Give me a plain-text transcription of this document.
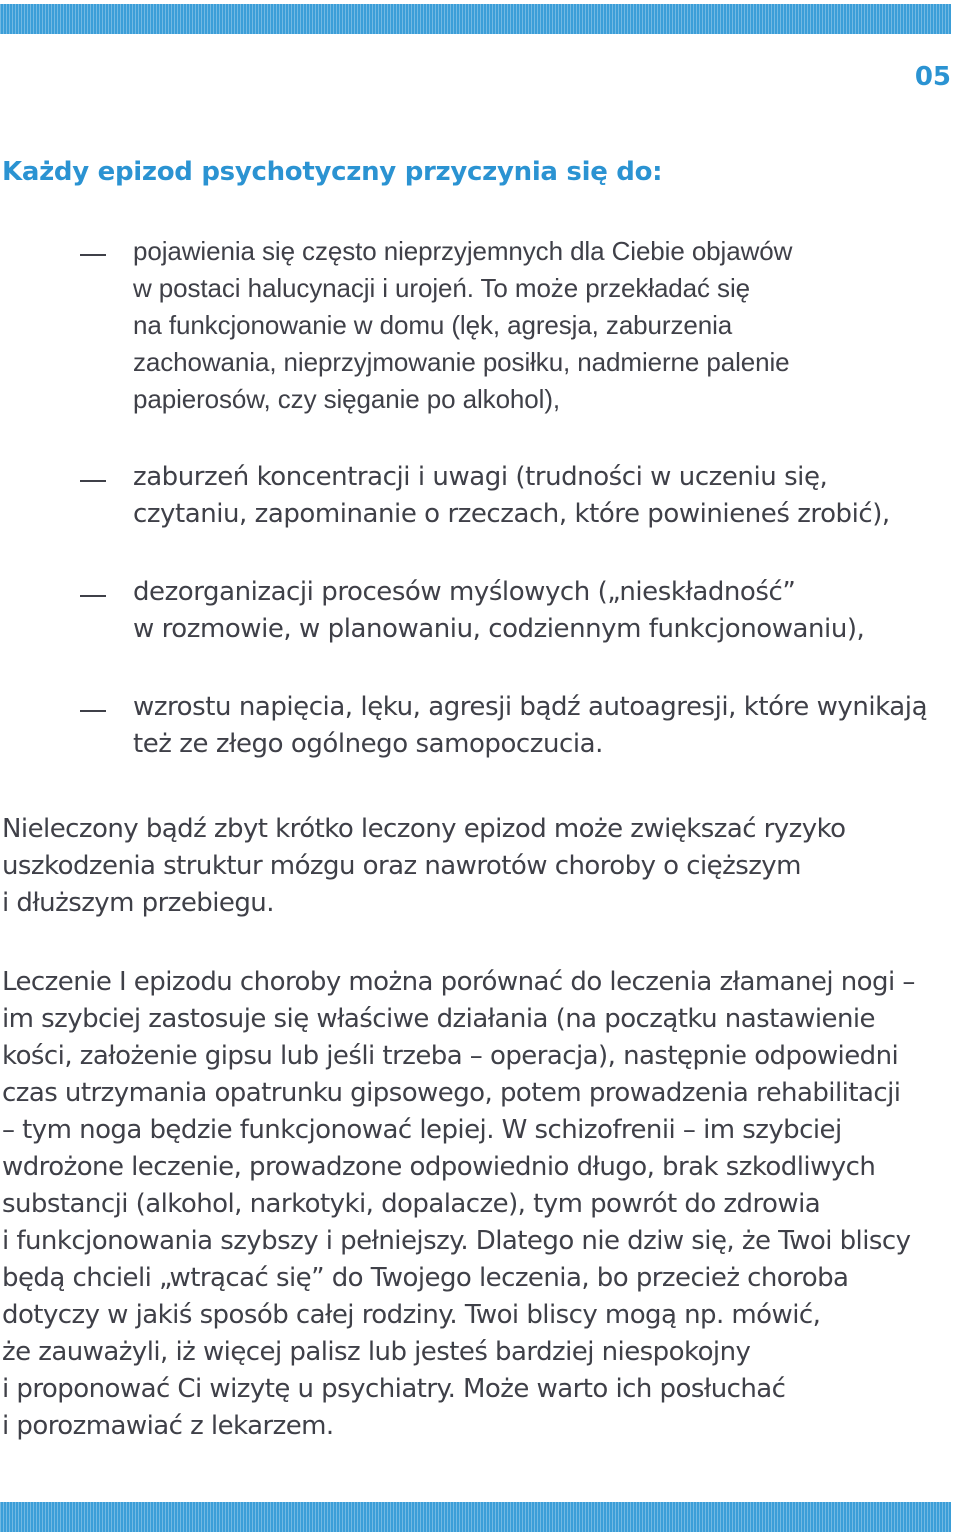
05
Każdy epizod psychotyczny przyczynia się do:
pojawienia się często nieprzyjemnych dla Ciebie objawów
w postaci halucynacji i urojeń. To może przekładać się
na funkcjonowanie w domu (lęk, agresja, zaburzenia
zachowania, nieprzyjmowanie posiłku, nadmierne palenie
papierosów, czy sięganie po alkohol),
zaburzeń koncentracji i uwagi (trudności w uczeniu się,
czytaniu, zapominanie o rzeczach, które powinieneś zrobić),
dezorganizacji procesów myślowych („nieskładność”
w rozmowie, w planowaniu, codziennym funkcjonowaniu),
wzrostu napięcia, lęku, agresji bądź autoagresji, które wynikają
też ze złego ogólnego samopoczucia.

Nieleczony bądź zbyt krótko leczony epizod może zwiększać ryzyko
uszkodzenia struktur mózgu oraz nawrotów choroby o cięższym
i dłuższym przebiegu.

Leczenie I epizodu choroby można porównać do leczenia złamanej nogi –
im szybciej zastosuje się właściwe działania (na początku nastawienie
kości, założenie gipsu lub jeśli trzeba – operacja), następnie odpowiedni
czas utrzymania opatrunku gipsowego, potem prowadzenia rehabilitacji
– tym noga będzie funkcjonować lepiej. W schizofrenii – im szybciej
wdrożone leczenie, prowadzone odpowiednio długo, brak szkodliwych
substancji (alkohol, narkotyki, dopalacze), tym powrót do zdrowia
i funkcjonowania szybszy i pełniejszy. Dlatego nie dziw się, że Twoi bliscy
będą chcieli „wtrącać się” do Twojego leczenia, bo przecież choroba
dotyczy w jakiś sposób całej rodziny. Twoi bliscy mogą np. mówić,
że zauważyli, iż więcej palisz lub jesteś bardziej niespokojny
i proponować Ci wizytę u psychiatry. Może warto ich posłuchać
i porozmawiać z lekarzem.
